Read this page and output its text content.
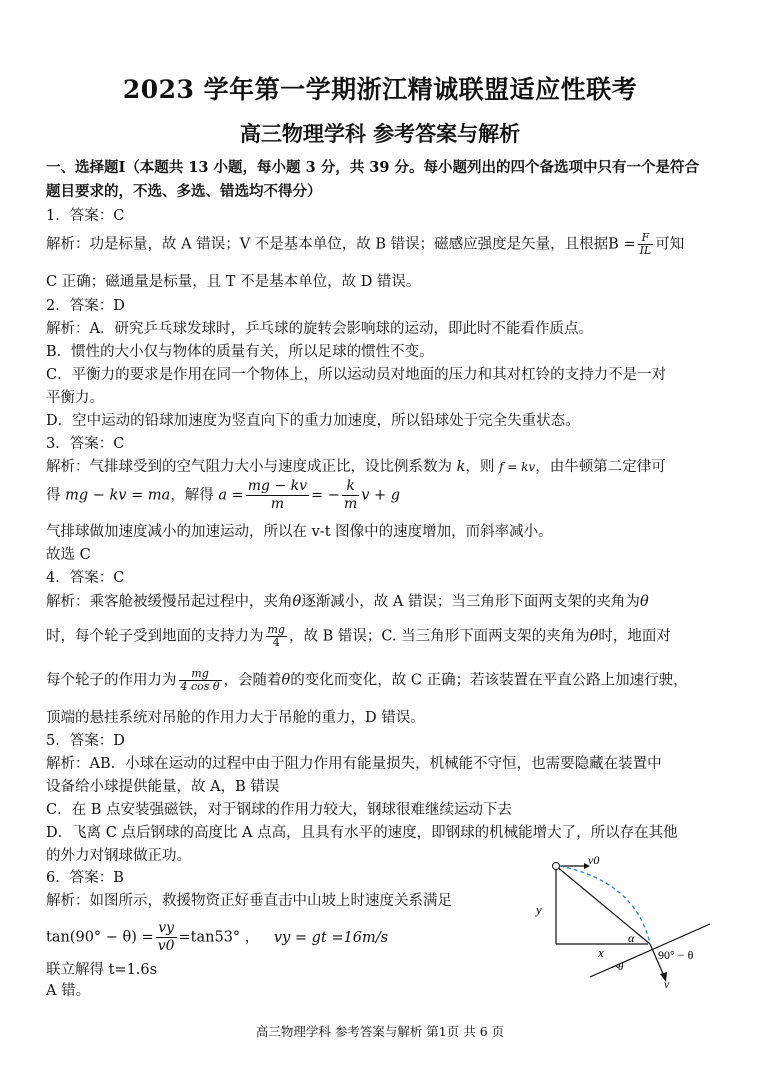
2023 学年第一学期浙江精诚联盟适应性联考
高三物理学科 参考答案与解析
一、选择题Ⅰ（本题共 13 小题，每小题 3 分，共 39 分。每小题列出的四个备选项中只有一个是符合
题目要求的，不选、多选、错选均不得分）
1．答案：C
解析：功是标量，故 A 错误；V 不是基本单位，故 B 错误；磁感应强度是矢量，且根据$B = \frac{F}{IL}$ 可知
C 正确；磁通量是标量，且 T 不是基本单位，故 D 错误。
2．答案：D
解析：A．研究乒乓球发球时，乒乓球的旋转会影响球的运动，即此时不能看作质点。
B．惯性的大小仅与物体的质量有关，所以足球的惯性不变。
C．平衡力的要求是作用在同一个物体上，所以运动员对地面的压力和其对杠铃的支持力不是一对
平衡力。
D．空中运动的铅球加速度为竖直向下的重力加速度，所以铅球处于完全失重状态。
3．答案：C
解析：气排球受到的空气阻力大小与速度成正比，设比例系数为 k，则 f = kv，由牛顿第二定律可
得 mg − kv = ma，解得 $a = \frac{mg - kv}{m}$ = − $\frac{k}{m}$ v + g
气排球做加速度减小的加速运动，所以在 v-t 图像中的速度增加，而斜率减小。
故选 C
4．答案：C
解析：乘客舱被缓慢吊起过程中，夹角θ逐渐减小，故 A 错误；当三角形下面两支架的夹角为θ
时，每个轮子受到地面的支持力为 $\frac{mg}{4}$ ，故 B 错误；C. 当三角形下面两支架的夹角为θ时，地面对
每个轮子的作用力为 $\frac{mg}{\text{4 cos θ}}$ ，会随着θ的变化而变化，故 C 正确；若该装置在平直公路上加速行驶，
顶端的悬挂系统对吊舱的作用力大于吊舱的重力，D 错误。
5．答案：D
解析：AB．小球在运动的过程中由于阻力作用有能量损失，机械能不守恒，也需要隐藏在装置中
设备给小球提供能量，故 A，B 错误
C．在 B 点安装强磁铁，对于钢球的作用力较大，钢球很难继续运动下去
D．飞离 C 点后钢球的高度比 A 点高，且具有水平的速度，即钢球的机械能增大了，所以存在其他
的外力对钢球做正功。
6．答案：B
解析：如图所示，救援物资正好垂直击中山坡上时速度关系满足
$\tan(90^\circ - \theta) = \frac{vy}{v0} =\tan 53^\circ$ ， vy = gt =16m/s
联立解得 t=1.6s
A 错。
v0
y
x
α
θ
90° − θ
v
高三物理学科 参考答案与解析 第1页 共 6 页
